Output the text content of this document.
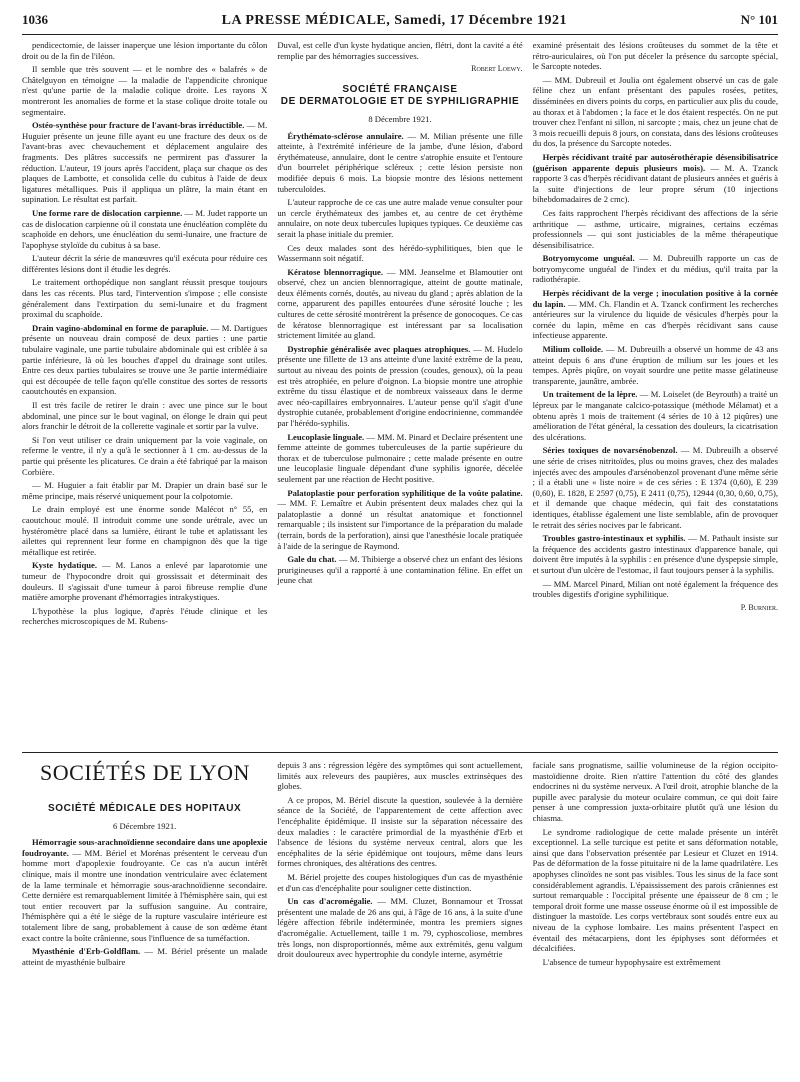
1036	LA PRESSE MÉDICALE, Samedi, 17 Décembre 1921	N° 101

pendicectomie, de laisser inaperçue une lésion importante du côlon droit ou de la fin de l'iléon.

Il semble que très souvent — et le nombre des « balafrés » de Châtelguyon en témoigne — la maladie de l'appendicite chronique n'est qu'une partie de la maladie colique droite. Les rayons X montreront les anomalies de forme et la stase colique droite totale ou segmentaire.

Ostéo-synthèse pour fracture de l'avant-bras irréductible. — M. Huguier présente un jeune fille ayant eu une fracture des deux os de l'avant-bras avec chevauchement et déplacement angulaire des fragments. Des plâtres successifs ne permirent pas d'assurer la réduction. L'auteur, 19 jours après l'accident, plaça sur chaque os des plaques de Lambotte, et consolida celle du cubitus à l'aide de deux ligatures métalliques. Puis il appliqua un plâtre, la main étant en supination. Le résultat est parfait.

Une forme rare de dislocation carpienne. — M. Judet rapporte un cas de dislocation carpienne où il constata une énucléation complète du scaphoïde en dehors, une énucléation du semi-lunaire, une fracture de l'apophyse styloïde du cubitus à sa base.

L'auteur décrit la série de manœuvres qu'il exécuta pour réduire ces différentes lésions dont il étudie les degrés.

Le traitement orthopédique non sanglant réussit presque toujours dans les cas récents. Plus tard, l'intervention s'impose ; elle consiste généralement dans l'extirpation du semi-lunaire et du fragment proximal du scaphoïde.

Drain vagino-abdominal en forme de parapluie. — M. Dartigues présente un nouveau drain composé de deux parties : une partie tubulaire vaginale, une partie tubulaire abdominale qui est criblée à sa partie inférieure, là où les bouches d'appel du drainage sont utiles. Entre ces deux parties tubulaires se trouve une 3e partie intermédiaire qui est découpée de telle façon qu'elle constitue des sortes de ressorts caoutchoutés en expansion.

Il est très facile de retirer le drain : avec une pince sur le bout abdominal, une pince sur le bout vaginal, on élonge le drain qui peut alors franchir le détroit de la collerette vaginale et sortir par la vulve.

Si l'on veut utiliser ce drain uniquement par la voie vaginale, on referme le ventre, il n'y a qu'à le sectionner à 1 cm. au-dessus de la partie qui présente les plicatures. Ce drain a été fabriqué par la maison Corbière.

— M. Huguier a fait établir par M. Drapier un drain basé sur le même principe, mais réservé uniquement pour la colpotomie.

Le drain employé est une énorme sonde Malécot n° 55, en caoutchouc moulé. Il introduit comme une sonde urétrale, avec un hystéromètre placé dans sa lumière, étirant le tube et aplatissant les ailettes qui reprennent leur forme en champignon dès que la tige métallique est retirée.

Kyste hydatique. — M. Lanos a enlevé par laparotomie une tumeur de l'hypocondre droit qui grossissait et déterminait des douleurs. Il s'agissait d'une tumeur à paroi fibreuse remplie d'une matière amorphe provenant d'hémorragies intrakystiques.

L'hypothèse la plus logique, d'après l'étude clinique et les recherches microscopiques de M. Rubens-

Duval, est celle d'un kyste hydatique ancien, flétri, dont la cavité a été remplie par des hémorragies successives.

Robert Loewy.

SOCIÉTÉ FRANÇAISE
DE DERMATOLOGIE ET DE SYPHILIGRAPHIE
8 Décembre 1921.

Érythémato-sclérose annulaire. — M. Milian présente une fille atteinte, à l'extrémité inférieure de la jambe, d'une lésion, d'abord érythémateuse, annulaire, dont le centre s'atrophie ensuite et l'entoure d'un bourrelet périphérique scléreux ; cette lésion persiste non modifiée depuis 6 mois. La biopsie montre des lésions nettement tuberculoïdes.

L'auteur rapproche de ce cas une autre malade venue consulter pour un cercle érythémateux des jambes et, au centre de cet érythème annulaire, on note deux tubercules lupiques typiques. Ce deuxième cas serait la phase initiale du premier.

Ces deux malades sont des hérédo-syphilitiques, bien que le Wassermann soit négatif.

Kératose blennorragique. — MM. Jeanselme et Blamoutier ont observé, chez un ancien blennorragique, atteint de goutte matinale, deux éléments cornés, doutés, au niveau du gland ; après ablation de la corne, apparurent des papilles entourées d'une sérosité louche ; les cultures de cette sérosité montrèrent la présence de gonocoques. Ce cas de kératose blennorragique est intéressant par sa localisation strictement limitée au gland.

Dystrophie généralisée avec plaques atrophiques. — M. Hudelo présente une fillette de 13 ans atteinte d'une laxité extrême de la peau, surtout au niveau des points de pression (coudes, genoux), où la peau est très atrophiée, en pelure d'oignon. La biopsie montre une atrophie extrême du tissu élastique et de nombreux vaisseaux dans le derme avec néo-capillaires embryonnaires. L'auteur pense qu'il s'agit d'une dystrophie cutanée, probablement d'origine endocrinienne, commandée par l'hérédo-syphilis.

Leucoplasie linguale. — MM. M. Pinard et Declaire présentent une femme atteinte de gommes tuberculeuses de la partie supérieure du thorax et de tuberculose pulmonaire ; cette malade présente en outre une leucoplasie linguale dépendant d'une syphilis ignorée, décelée seulement par une réaction de Hecht positive.

Palatoplastie pour perforation syphilitique de la voûte palatine. — MM. F. Lemaître et Aubin présentent deux malades chez qui la palatoplastie a donné un résultat anatomique et fonctionnel remarquable ; ils insistent sur l'importance de la préparation du malade (terrain, bords de la perforation), ainsi que l'anesthésie locale pratiquée à l'aide de la seringue de Raymond.

Gale du chat. — M. Thibierge a observé chez un enfant des lésions prurigineuses qu'il a rapporté à une contamination féline. En effet un jeune chat

examiné présentait des lésions croûteuses du sommet de la tête et rétro-auriculaires, où l'on put déceler la présence du sarcopte spécial, le Sarcopte notedes.

— MM. Dubreuil et Joulia ont également observé un cas de gale féline chez un enfant présentant des papules rosées, petites, disséminées en divers points du corps, en particulier aux plis du coude, au thorax et à l'abdomen ; la face et le dos étaient respectés. On ne put trouver chez l'enfant ni sillon, ni sarcopte ; mais, chez un jeune chat de 3 mois recueilli depuis 8 jours, on constata, dans des lésions croûteuses du dos, la présence du Sarcopte notedes.

Herpès récidivant traité par autosérothérapie désensibilisatrice (guérison apparente depuis plusieurs mois). — M. A. Tzanck rapporte 3 cas d'herpès récidivant datant de plusieurs années et guéris à la suite d'injections de leur propre sérum (10 injections bihebdomadaires de 2 cmc).

Ces faits rapprochent l'herpès récidivant des affections de la série arthritique — asthme, urticaire, migraines, certains eczémas professionnels — qui sont justiciables de la même thérapeutique désensibilisatrice.

Botryomycome unguéal. — M. Dubreuilh rapporte un cas de botryomycome unguéal de l'index et du médius, qu'il traita par la radiothérapie.

Herpès récidivant de la verge ; inoculation positive à la cornée du lapin. — MM. Ch. Flandin et A. Tzanck confirment les recherches antérieures sur la virulence du liquide de vésicules d'herpès pour la cornée du lapin, même en cas d'herpès récidivant sans cause infectieuse apparente.

Milium colloïde. — M. Dubreuilh a observé un homme de 43 ans atteint depuis 6 ans d'une éruption de milium sur les joues et les tempes. Après piqûre, on voyait sourdre une petite masse gélatineuse transparente, jaunâtre, ambrée.

Un traitement de la lèpre. — M. Loiselet (de Beyrouth) a traité un lépreux par le manganate calcico-potassique (méthode Mélamat) et a obtenu après 1 mois de traitement (4 séries de 10 à 12 piqûres) une amélioration de l'état général, la cessation des douleurs, la cicatrisation des ulcérations.

Séries toxiques de novarsénobenzol. — M. Dubreuilh a observé une série de crises nitritoïdes, plus ou moins graves, chez des malades injectés avec des ampoules d'arsénobenzol provenant d'une même série ; il a établi une « liste noire » de ces séries : E 1374 (0,60), E 239 (0,60), E. 1828, E 2597 (0,75), E 2411 (0,75), 12944 (0,30, 0,60, 0,75), et il demande que chaque médecin, qui fait des constatations identiques, établisse également une liste semblable, afin de provoquer le retrait des séries nocives par le fabricant.

Troubles gastro-intestinaux et syphilis. — M. Pathault insiste sur la fréquence des accidents gastro intestinaux d'apparence banale, qui doivent être imputés à la syphilis : en présence d'une dyspepsie simple, et surtout d'un ulcère de l'estomac, il faut toujours penser à la syphilis.

— MM. Marcel Pinard, Milian ont noté également la fréquence des troubles digestifs d'origine syphilitique.

P. Burnier.

SOCIÉTÉS DE LYON
SOCIÉTÉ MÉDICALE DES HOPITAUX
6 Décembre 1921.

Hémorragie sous-arachnoïdienne secondaire dans une apoplexie foudroyante. — MM. Bériel et Morénas présentent le cerveau d'un homme mort d'apoplexie foudroyante. Ce cas n'a aucun intérêt clinique, mais il montre une inondation ventriculaire avec éclatement de la lame terminale et hémorragie sous-arachnoïdienne secondaire. Cette dernière est remarquablement limitée à l'hémisphère sain, qui est tout entier recouvert par la suffusion sanguine. Au contraire, l'hémisphère qui a été le siège de la rupture vasculaire intérieure est totalement libre de sang, probablement à cause de son œdème étant exact contre la boîte crânienne, sous l'influence de sa tuméfaction.

Myasthénie d'Erb-Goldflam. — M. Bériel présente un malade atteint de myasthénie bulbaire

depuis 3 ans : régression légère des symptômes qui sont actuellement, limités aux releveurs des paupières, aux muscles extrinsèques des globes.

A ce propos, M. Bériel discute la question, soulevée à la dernière séance de la Société, de l'apparentement de cette affection avec l'encéphalite épidémique. Il insiste sur la séparation nécessaire des deux maladies : le caractère primordial de la myasthénie d'Erb et l'absence de lésions du système nerveux central, alors que les encéphalites de la série épidémique ont toujours, même dans leurs formes chroniques, des altérations des centres.

M. Bériel projette des coupes histologiques d'un cas de myasthénie et d'un cas d'encéphalite pour souligner cette distinction.

Un cas d'acromégalie. — MM. Cluzet, Bonnamour et Trossat présentent une malade de 26 ans qui, à l'âge de 16 ans, à la suite d'une légère affection fébrile indéterminée, montra les premiers signes d'acromégalie. Actuellement, taille 1 m. 79, cyphoscoliose, membres très longs, non disproportionnés, même aux extrémités, genu valgum droit douloureux avec hypertrophie du condyle interne, asymétrie

faciale sans prognatisme, saillie volumineuse de la région occipito-mastoïdienne droite. Rien n'attire l'attention du côté des glandes endocrines ni du système nerveux. A l'œil droit, atrophie blanche de la pupille avec paralysie du moteur oculaire commun, ce qui doit faire penser à une compression juxta-orbitaire plutôt qu'à une lésion du chiasma.

Le syndrome radiologique de cette malade présente un intérêt exceptionnel. La selle turcique est petite et sans déformation notable, ainsi que dans l'observation présentée par Lesieur et Cluzet en 1914. Pas de déformation de la fosse pituitaire ni de la lame quadrilatère. Les apophyses clinoïdes ne sont pas visibles. Tous les sinus de la face sont considérablement agrandis. L'épaississement des parois crâniennes est surtout remarquable : l'occipital présente une épaisseur de 8 cm ; le temporal droit forme une masse osseuse énorme où il est impossible de distinguer la mastoïde. Les corps vertébraux sont soudés entre eux au niveau de la cyphose lombaire. Les mains présentent l'aspect en éventail des métacarpiens, dont les épiphyses sont déformées et décalcifiées.

L'absence de tumeur hypophysaire est extrêmement
